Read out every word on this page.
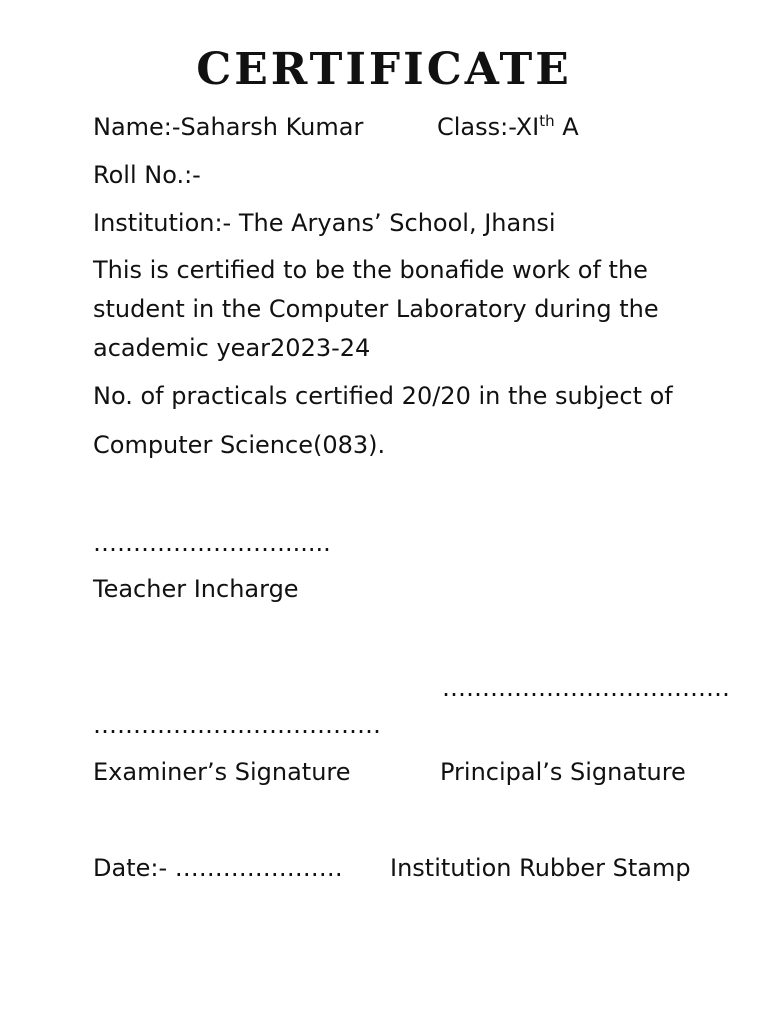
CERTIFICATE
Name:-Saharsh Kumar	Class:-XIth A
Roll No.:-
Institution:- The Aryans’ School, Jhansi
This is certified to be the bonafide work of the student in the Computer Laboratory during the academic year2023-24
No. of practicals certified 20/20 in the subject of
Computer Science(083).
……………………......
Teacher Incharge
………………………………
………………………………
Examiner’s Signature	Principal’s Signature
Date:- ………………… Institution Rubber Stamp
